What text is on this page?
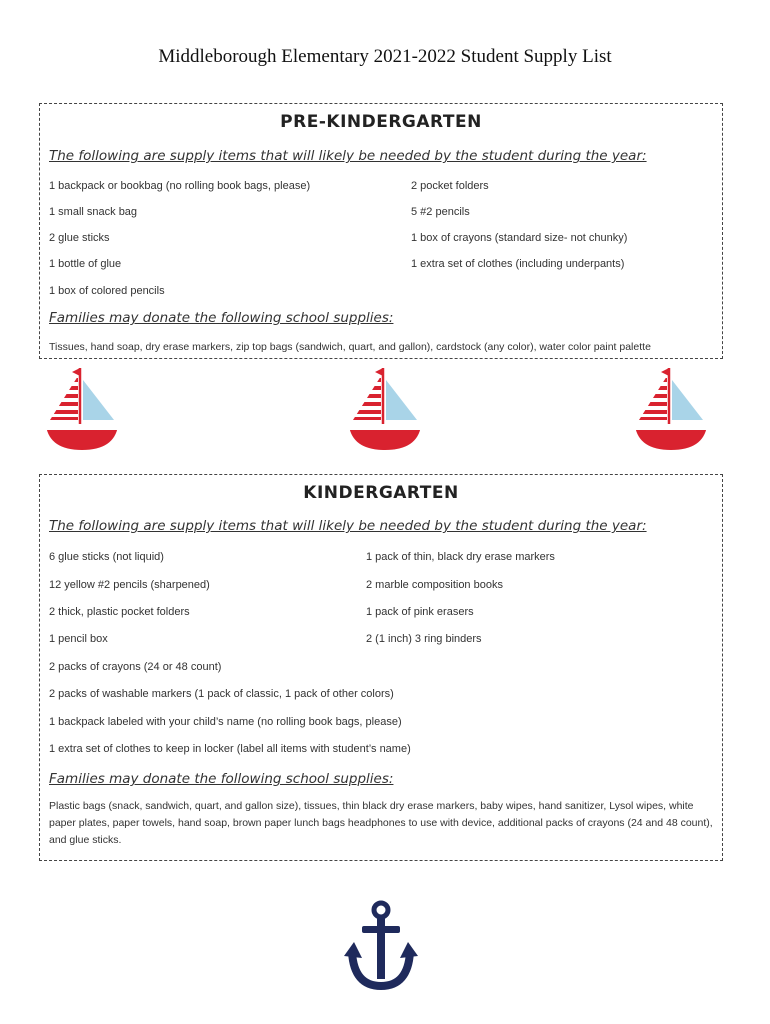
Middleborough Elementary 2021-2022 Student Supply List
PRE-KINDERGARTEN
The following are supply items that will likely be needed by the student during the year:
1 backpack or bookbag (no rolling book bags, please)
1 small snack bag
2 glue sticks
1 bottle of glue
1 box of colored pencils
2 pocket folders
5 #2 pencils
1 box of crayons (standard size- not chunky)
1 extra set of clothes (including underpants)
Families may donate the following school supplies:
Tissues, hand soap, dry erase markers, zip top bags (sandwich, quart, and gallon), cardstock (any color), water color paint palette
KINDERGARTEN
The following are supply items that will likely be needed by the student during the year:
6 glue sticks (not liquid)
12 yellow #2 pencils (sharpened)
2 thick, plastic pocket folders
1 pencil box
2 packs of crayons (24 or 48 count)
2 packs of washable markers (1 pack of classic, 1 pack of other colors)
1 backpack labeled with your child’s name (no rolling book bags, please)
1 extra set of clothes to keep in locker (label all items with student’s name)
1 pack of thin, black dry erase markers
2 marble composition books
1 pack of pink erasers
2 (1 inch) 3 ring binders
Families may donate the following school supplies:
Plastic bags (snack, sandwich, quart, and gallon size), tissues, thin black dry erase markers, baby wipes, hand sanitizer, Lysol wipes, white paper plates, paper towels, hand soap, brown paper lunch bags headphones to use with device, additional packs of crayons (24 and 48 count), and glue sticks.
